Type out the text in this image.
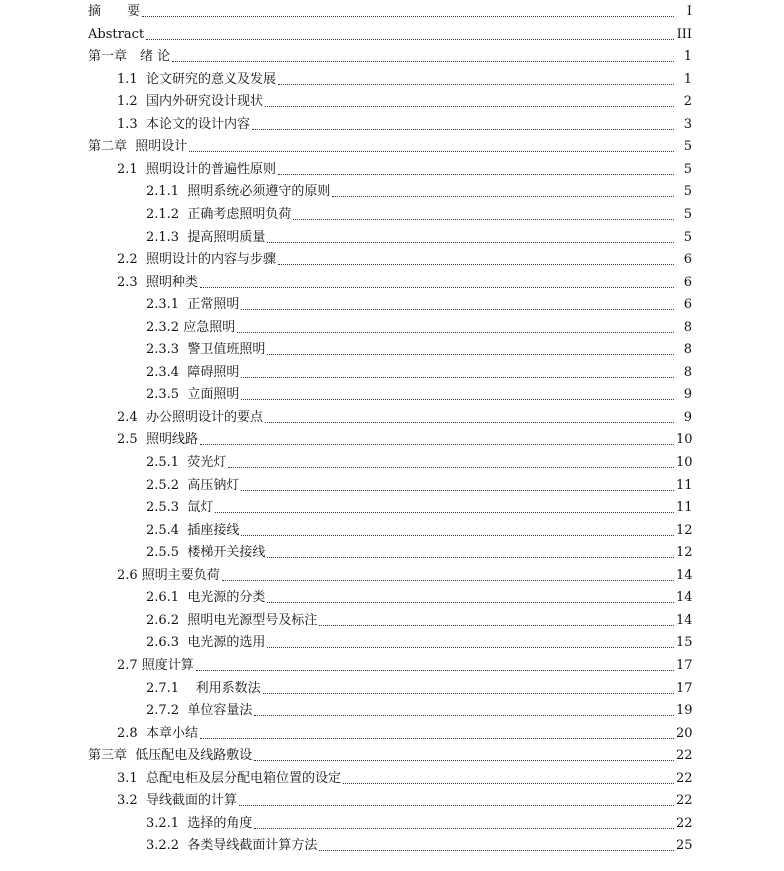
摘　　要	I
Abstract	III
第一章　绪 论	1
1.1  论文研究的意义及发展	1
1.2  国内外研究设计现状	2
1.3  本论文的设计内容	3
第二章  照明设计	5
2.1  照明设计的普遍性原则	5
2.1.1  照明系统必须遵守的原则	5
2.1.2  正确考虑照明负荷	5
2.1.3  提高照明质量	5
2.2  照明设计的内容与步骤	6
2.3  照明种类	6
2.3.1  正常照明	6
2.3.2 应急照明	8
2.3.3  警卫值班照明	8
2.3.4  障碍照明	8
2.3.5  立面照明	9
2.4  办公照明设计的要点	9
2.5  照明线路	10
2.5.1  荧光灯	10
2.5.2  高压钠灯	11
2.5.3  氙灯	11
2.5.4  插座接线	12
2.5.5  楼梯开关接线	12
2.6 照明主要负荷	14
2.6.1  电光源的分类	14
2.6.2  照明电光源型号及标注	14
2.6.3  电光源的选用	15
2.7 照度计算	17
2.7.1    利用系数法	17
2.7.2  单位容量法	19
2.8  本章小结	20
第三章  低压配电及线路敷设	22
3.1  总配电柜及层分配电箱位置的设定	22
3.2  导线截面的计算	22
3.2.1  选择的角度	22
3.2.2  各类导线截面计算方法	25
